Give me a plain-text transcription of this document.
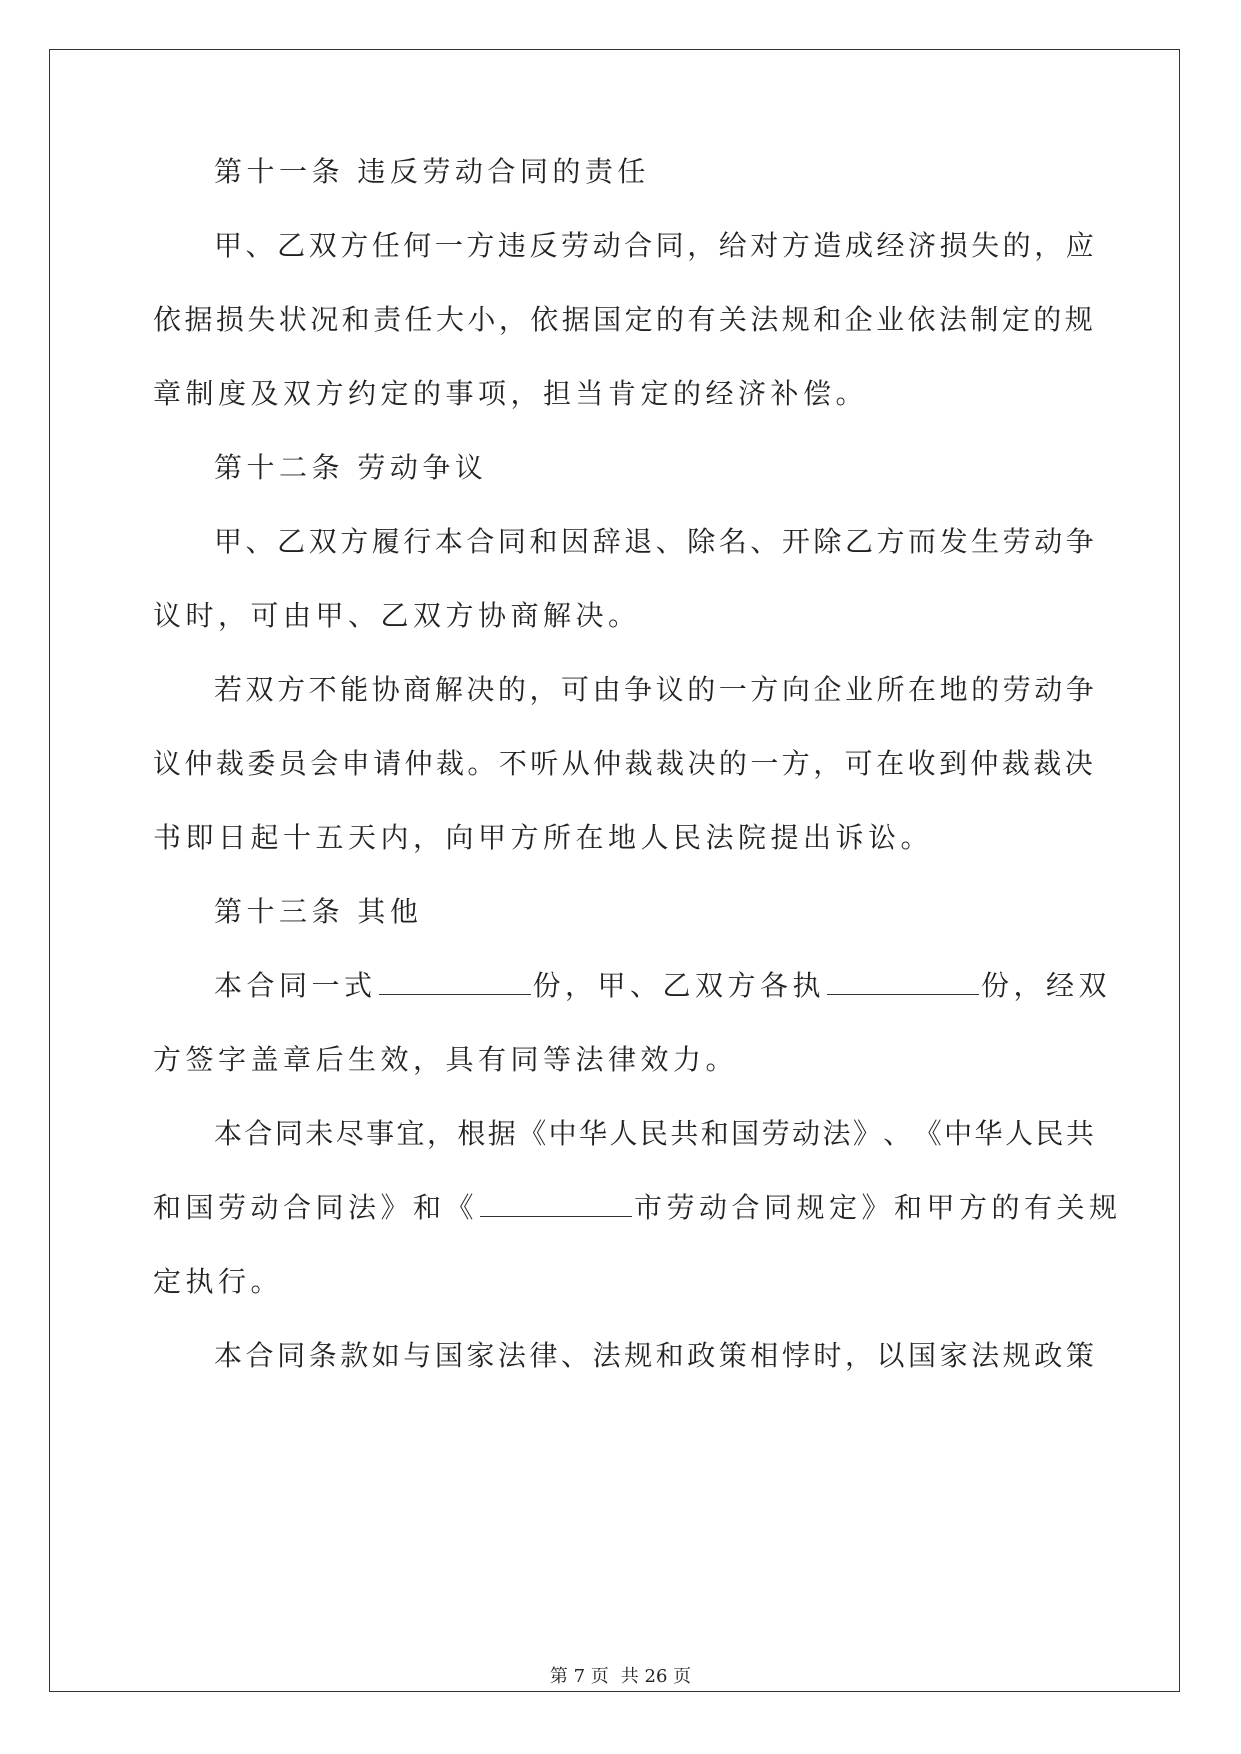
第十一条 违反劳动合同的责任
甲 、 乙 双 方 任 何 一 方 违 反 劳 动 合 同 ， 给 对 方 造 成 经 济 损 失 的 ， 应
依 据 损 失 状 况 和 责 任 大 小 ， 依 据 国 定 的 有 关 法 规 和 企 业 依 法 制 定 的 规
章制度及双方约定的事项，担当肯定的经济补偿。
第十二条 劳动争议
甲 、 乙 双 方 履 行 本 合 同 和 因 辞 退 、 除 名 、 开 除 乙 方 而 发 生 劳 动 争
议时，可由甲、乙双方协商解决。
若 双 方 不 能 协 商 解 决 的 ， 可 由 争 议 的 一 方 向 企 业 所 在 地 的 劳 动 争
议 仲 裁 委 员 会 申 请 仲 裁 。 不 听 从 仲 裁 裁 决 的 一 方 ， 可 在 收 到 仲 裁 裁 决
书即日起十五天内，向甲方所在地人民法院提出诉讼。
第十三条 其他
本合同一式	份，甲、乙双方各执	份，经双
方签字盖章后生效，具有同等法律效力。
本 合 同 未 尽 事 宜 ， 根 据 《 中 华 人 民 共 和 国 劳 动 法 》 、 《 中 华 人 民 共
和国劳动合同法》和《	市劳动合同规定》和甲方的有关规
定执行。
本 合 同 条 款 如 与 国 家 法 律 、 法 规 和 政 策 相 悖 时 ， 以 国 家 法 规 政 策
第 7 页 共 26 页
